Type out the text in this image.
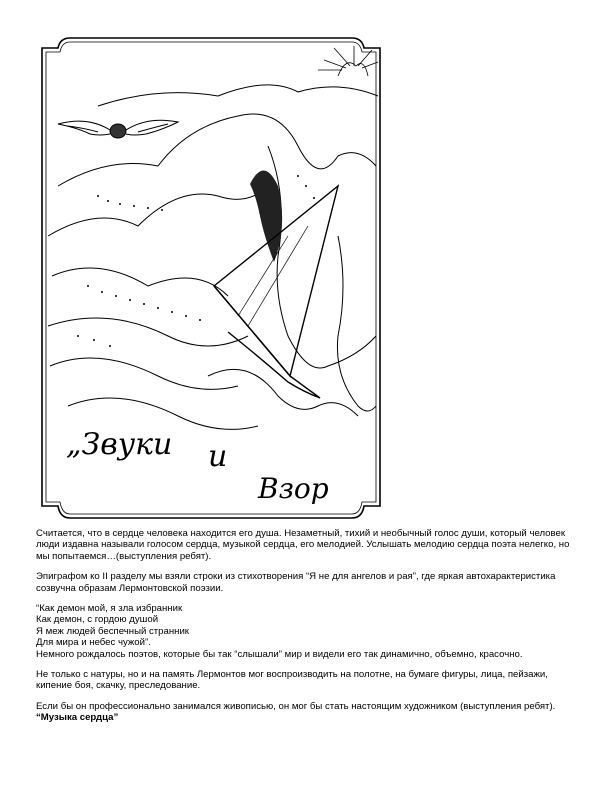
„Звуки и
Взор

Считается, что в сердце человека находится его душа. Незаметный, тихий и необычный голос души, который человек люди издавна называли голосом сердца, музыкой сердца, его мелодией. Услышать мелодию сердца поэта нелегко, но мы попытаемся…(выступления ребят).

Эпиграфом ко II разделу мы взяли строки из стихотворения “Я не для ангелов и рая”, где яркая автохарактеристика созвучна образам Лермонтовской поэзии.

“Как демон мой, я зла избранник
Как демон, с гордою душой
Я меж людей беспечный странник
Для мира и небес чужой”.
Немного рождалось поэтов, которые бы так “слышали” мир и видели его так динамично, объемно, красочно.

Не только с натуры, но и на память Лермонтов мог воспроизводить на полотне, на бумаге фигуры, лица, пейзажи, кипение боя, скачку, преследование.

Если бы он профессионально занимался живописью, он мог бы стать настоящим художником (выступления ребят).

“Музыка сердца”
